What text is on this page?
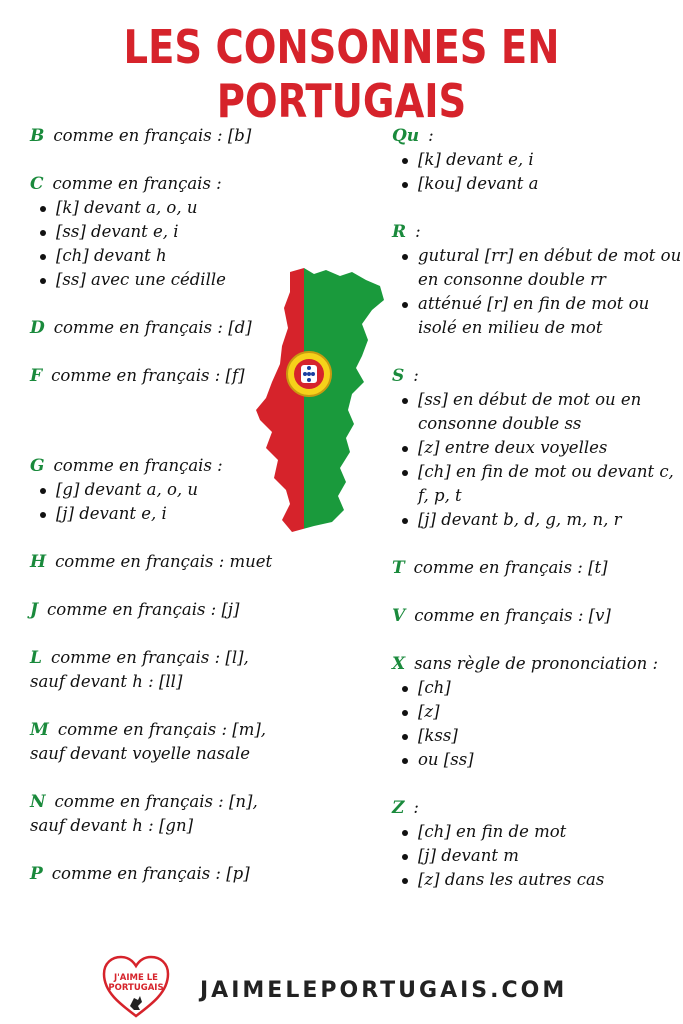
LES CONSONNES EN PORTUGAIS
B comme en français : [b]
C comme en français :
[k] devant a, o, u
[ss] devant e, i
[ch] devant h
[ss] avec une cédille
D comme en français : [d]
F comme en français : [f]
G comme en français :
[g] devant a, o, u
[j] devant e, i
H comme en français : muet
J comme en français : [j]
L comme en français : [l],
sauf devant h : [ll]
M comme en français : [m],
sauf devant voyelle nasale
N comme en français : [n],
sauf devant h : [gn]
P comme en français : [p]
Qu :
[k] devant e, i
[kou] devant a
R :
gutural [rr] en début de mot ou en consonne double rr
atténué [r] en fin de mot ou isolé en milieu de mot
S :
[ss] en début de mot ou en consonne double ss
[z] entre deux voyelles
[ch] en fin de mot ou devant c, f, p, t
[j] devant b, d, g, m, n, r
T comme en français : [t]
V comme en français : [v]
X sans règle de prononciation :
[ch]
[z]
[kss]
ou [ss]
Z :
[ch] en fin de mot
[j] devant m
[z] dans les autres cas
J'AIME LE
PORTUGAIS JAIMELEPORTUGAIS.COM
